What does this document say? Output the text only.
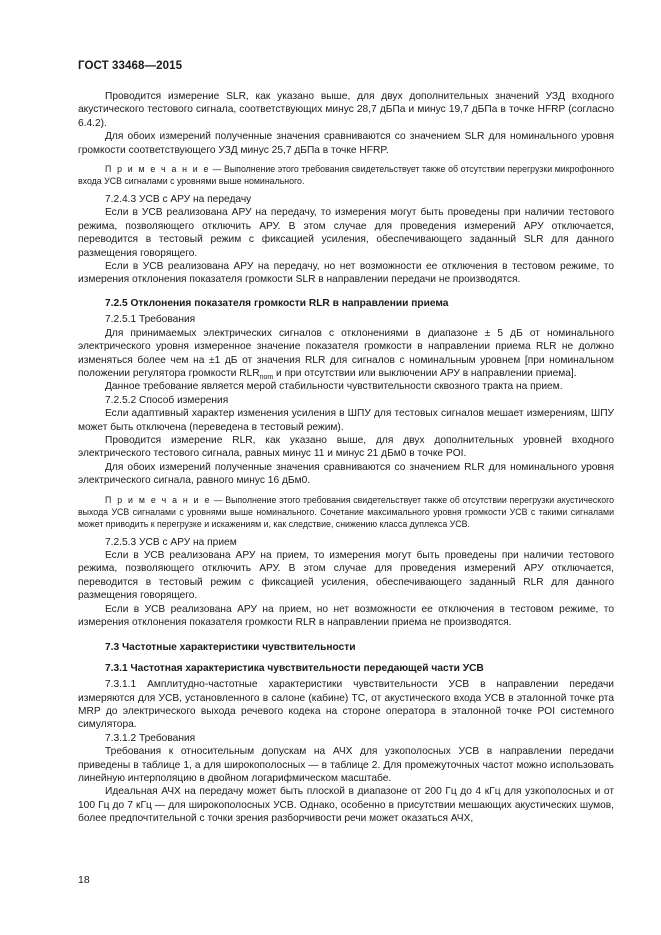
ГОСТ 33468—2015

Проводится измерение SLR, как указано выше, для двух дополнительных значений УЗД входного акустического тестового сигнала, соответствующих минус 28,7 дБПа и минус 19,7 дБПа в точке HFRP (согласно 6.4.2).

Для обоих измерений полученные значения сравниваются со значением SLR для номинального уровня громкости соответствующего УЗД минус 25,7 дБПа в точке HFRP.

П р и м е ч а н и е — Выполнение этого требования свидетельствует также об отсутствии перегрузки микрофонного входа УСВ сигналами с уровнями выше номинального.

7.2.4.3 УСВ с АРУ на передачу

Если в УСВ реализована АРУ на передачу, то измерения могут быть проведены при наличии тестового режима, позволяющего отключить АРУ. В этом случае для проведения измерений АРУ отключается, переводится в тестовый режим с фиксацией усиления, обеспечивающего заданный SLR для данного размещения говорящего.

Если в УСВ реализована АРУ на передачу, но нет возможности ее отключения в тестовом режиме, то измерения отклонения показателя громкости SLR в направлении передачи не производятся.

7.2.5 Отклонения показателя громкости RLR в направлении приема

7.2.5.1 Требования

Для принимаемых электрических сигналов с отклонениями в диапазоне ± 5 дБ от номинального электрического уровня измеренное значение показателя громкости в направлении приема RLR не должно изменяться более чем на ±1 дБ от значения RLR для сигналов с номинальным уровнем [при номинальном положении регулятора громкости $RLR_{nom}$ и при отсутствии или выключении АРУ в направлении приема].

Данное требование является мерой стабильности чувствительности сквозного тракта на прием.

7.2.5.2 Способ измерения

Если адаптивный характер изменения усиления в ШПУ для тестовых сигналов мешает измерениям, ШПУ может быть отключена (переведена в тестовый режим).

Проводится измерение RLR, как указано выше, для двух дополнительных уровней входного электрического тестового сигнала, равных минус 11 и минус 21 дБм0 в точке POI.

Для обоих измерений полученные значения сравниваются со значением RLR для номинального уровня электрического сигнала, равного минус 16 дБм0.

П р и м е ч а н и е — Выполнение этого требования свидетельствует также об отсутствии перегрузки акустического выхода УСВ сигналами с уровнями выше номинального. Сочетание максимального уровня громкости УСВ с такими сигналами может приводить к перегрузке и искажениям и, как следствие, снижению класса дуплекса УСВ.

7.2.5.3 УСВ с АРУ на прием

Если в УСВ реализована АРУ на прием, то измерения могут быть проведены при наличии тестового режима, позволяющего отключить АРУ. В этом случае для проведения измерений АРУ отключается, переводится в тестовый режим с фиксацией усиления, обеспечивающего заданный RLR для данного размещения говорящего.

Если в УСВ реализована АРУ на прием, но нет возможности ее отключения в тестовом режиме, то измерения отклонения показателя громкости RLR в направлении приема не производятся.

7.3 Частотные характеристики чувствительности

7.3.1 Частотная характеристика чувствительности передающей части УСВ

7.3.1.1 Амплитудно-частотные характеристики чувствительности УСВ в направлении передачи измеряются для УСВ, установленного в салоне (кабине) ТС, от акустического входа УСВ в эталонной точке рта MRP до электрического выхода речевого кодека на стороне оператора в эталонной точке POI системного симулятора.

7.3.1.2 Требования

Требования к относительным допускам на АЧХ для узкополосных УСВ в направлении передачи приведены в таблице 1, а для широкополосных — в таблице 2. Для промежуточных частот можно использовать линейную интерполяцию в двойном логарифмическом масштабе.

Идеальная АЧХ на передачу может быть плоской в диапазоне от 200 Гц до 4 кГц для узкополосных и от 100 Гц до 7 кГц — для широкополосных УСВ. Однако, особенно в присутствии мешающих акустических шумов, более предпочтительной с точки зрения разборчивости речи может оказаться АЧХ,

18
